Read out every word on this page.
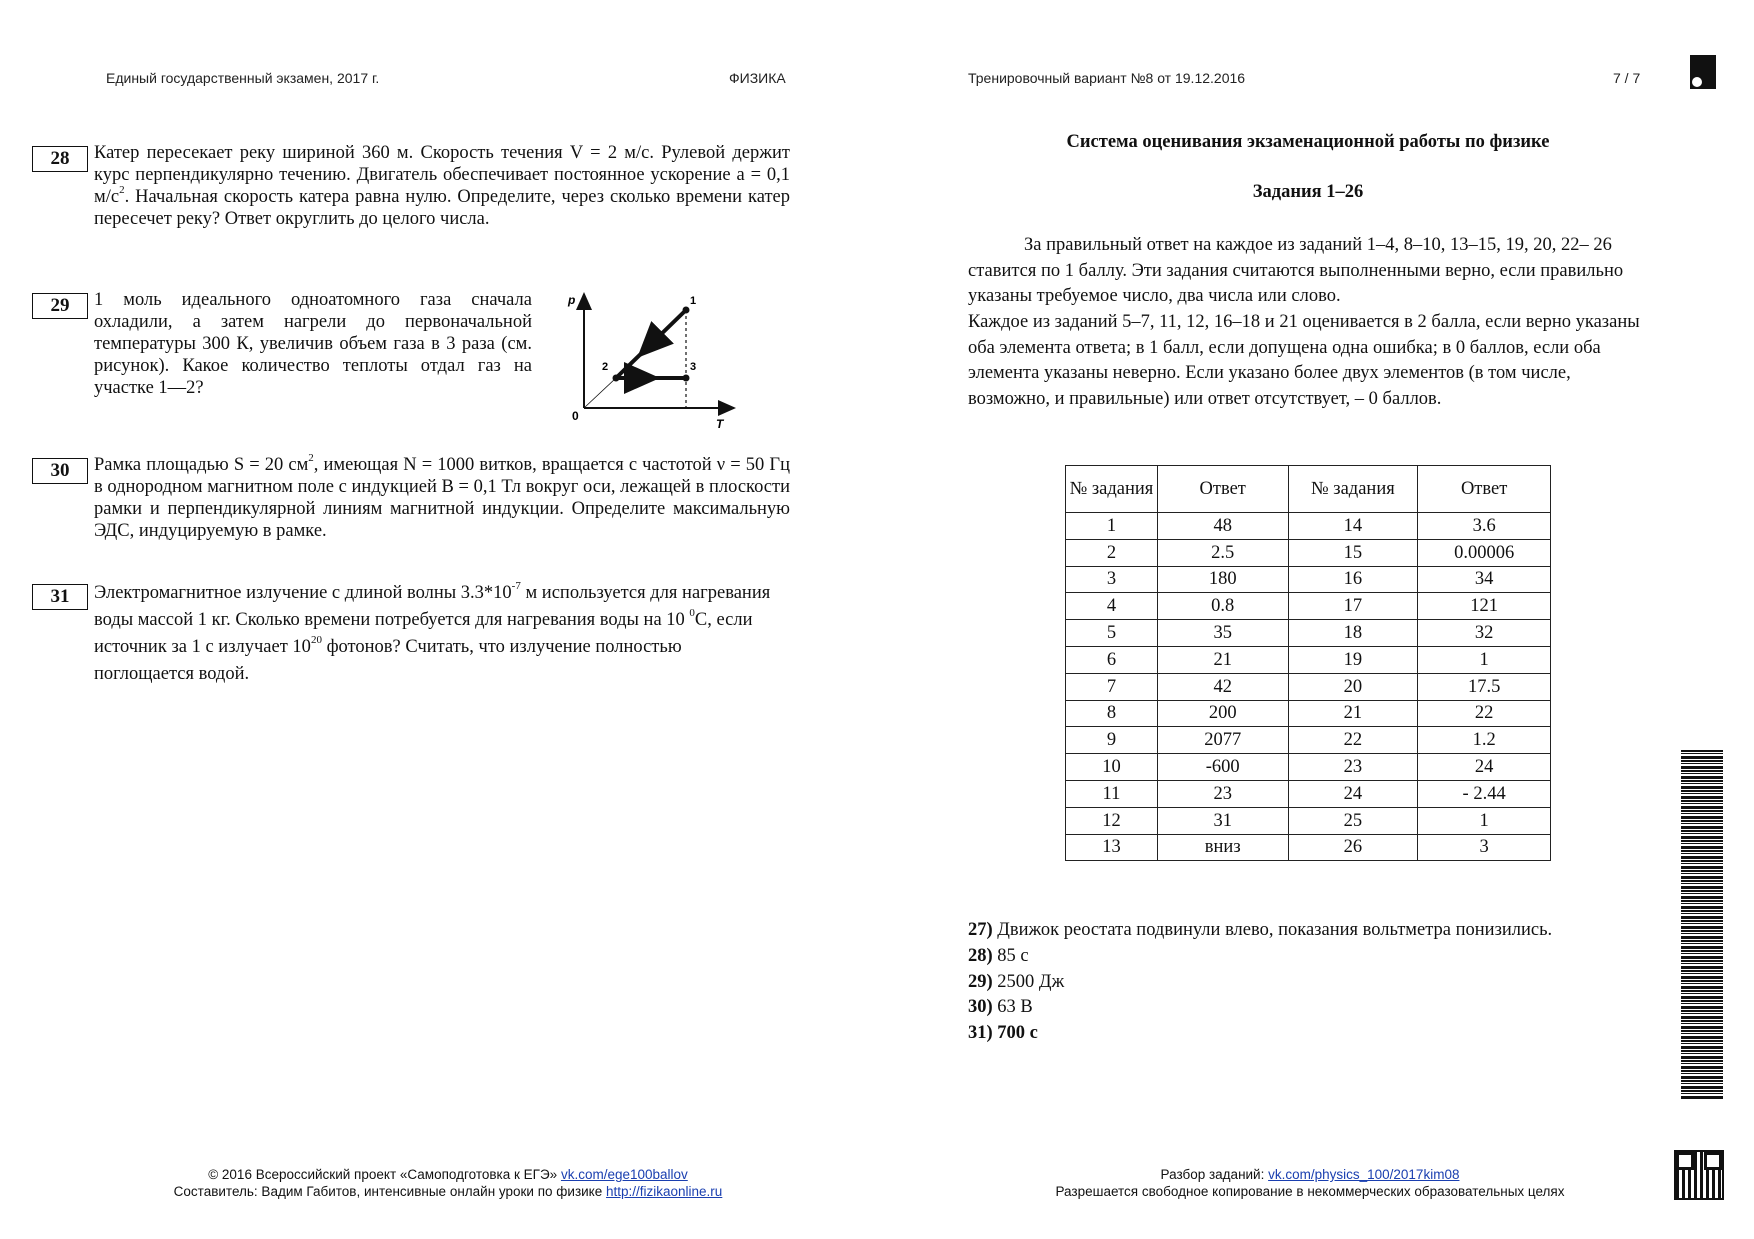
Единый государственный экзамен, 2017 г.	ФИЗИКА	Тренировочный вариант №8 от 19.12.2016	7 / 7
28	Катер пересекает реку шириной 360 м. Скорость течения V = 2 м/с. Рулевой держит курс перпендикулярно течению. Двигатель обеспечивает постоянное ускорение a = 0,1 $м/с^2$. Начальная скорость катера равна нулю. Определите, через сколько времени катер пересечет реку? Ответ округлить до целого числа.
29	1 моль идеального одноатомного газа сначала охладили, а затем нагрели до первоначальной температуры 300 К, увеличив объем газа в 3 раза (см. рисунок). Какое количество теплоты отдал газ на участке 1—2?
p
T
0
1
2	3
30	Рамка площадью S = 20 $см^2$, имеющая N = 1000 витков, вращается с частотой ν = 50 Гц в однородном магнитном поле с индукцией B = 0,1 Тл вокруг оси, лежащей в плоскости рамки и перпендикулярной линиям магнитной индукции. Определите максимальную ЭДС, индуцируемую в рамке.
31	Электромагнитное излучение с длиной волны $3.3*10^{-7}$ м используется для нагревания воды массой 1 кг. Сколько времени потребуется для нагревания воды на 10 $^0$С, если источник за 1 с излучает $10^{20}$ фотонов? Считать, что излучение полностью поглощается водой.
Система оценивания экзаменационной работы по физике
Задания 1–26
За правильный ответ на каждое из заданий 1–4, 8–10, 13–15, 19, 20, 22– 26 ставится по 1 баллу. Эти задания считаются выполненными верно, если правильно указаны требуемое число, два числа или слово.
Каждое из заданий 5–7, 11, 12, 16–18 и 21 оценивается в 2 балла, если верно указаны оба элемента ответа; в 1 балл, если допущена одна ошибка; в 0 баллов, если оба элемента указаны неверно. Если указано более двух элементов (в том числе, возможно, и правильные) или ответ отсутствует, – 0 баллов.
№ задания	Ответ	№ задания	Ответ
1	48	14	3.6
2	2.5	15	0.00006
3	180	16	34
4	0.8	17	121
5	35	18	32
6	21	19	1
7	42	20	17.5
8	200	21	22
9	2077	22	1.2
10	-600	23	24
11	23	24	- 2.44
12	31	25	1
13	вниз	26	3
27) Движок реостата подвинули влево, показания вольтметра понизились.
28) 85 с
29) 2500 Дж
30) 63 В
31) 700 с
© 2016 Всероссийский проект «Самоподготовка к ЕГЭ» vk.com/ege100ballov
Составитель: Вадим Габитов, интенсивные онлайн уроки по физике http://fizikaonline.ru
Разбор заданий: vk.com/physics_100/2017kim08
Разрешается свободное копирование в некоммерческих образовательных целях
